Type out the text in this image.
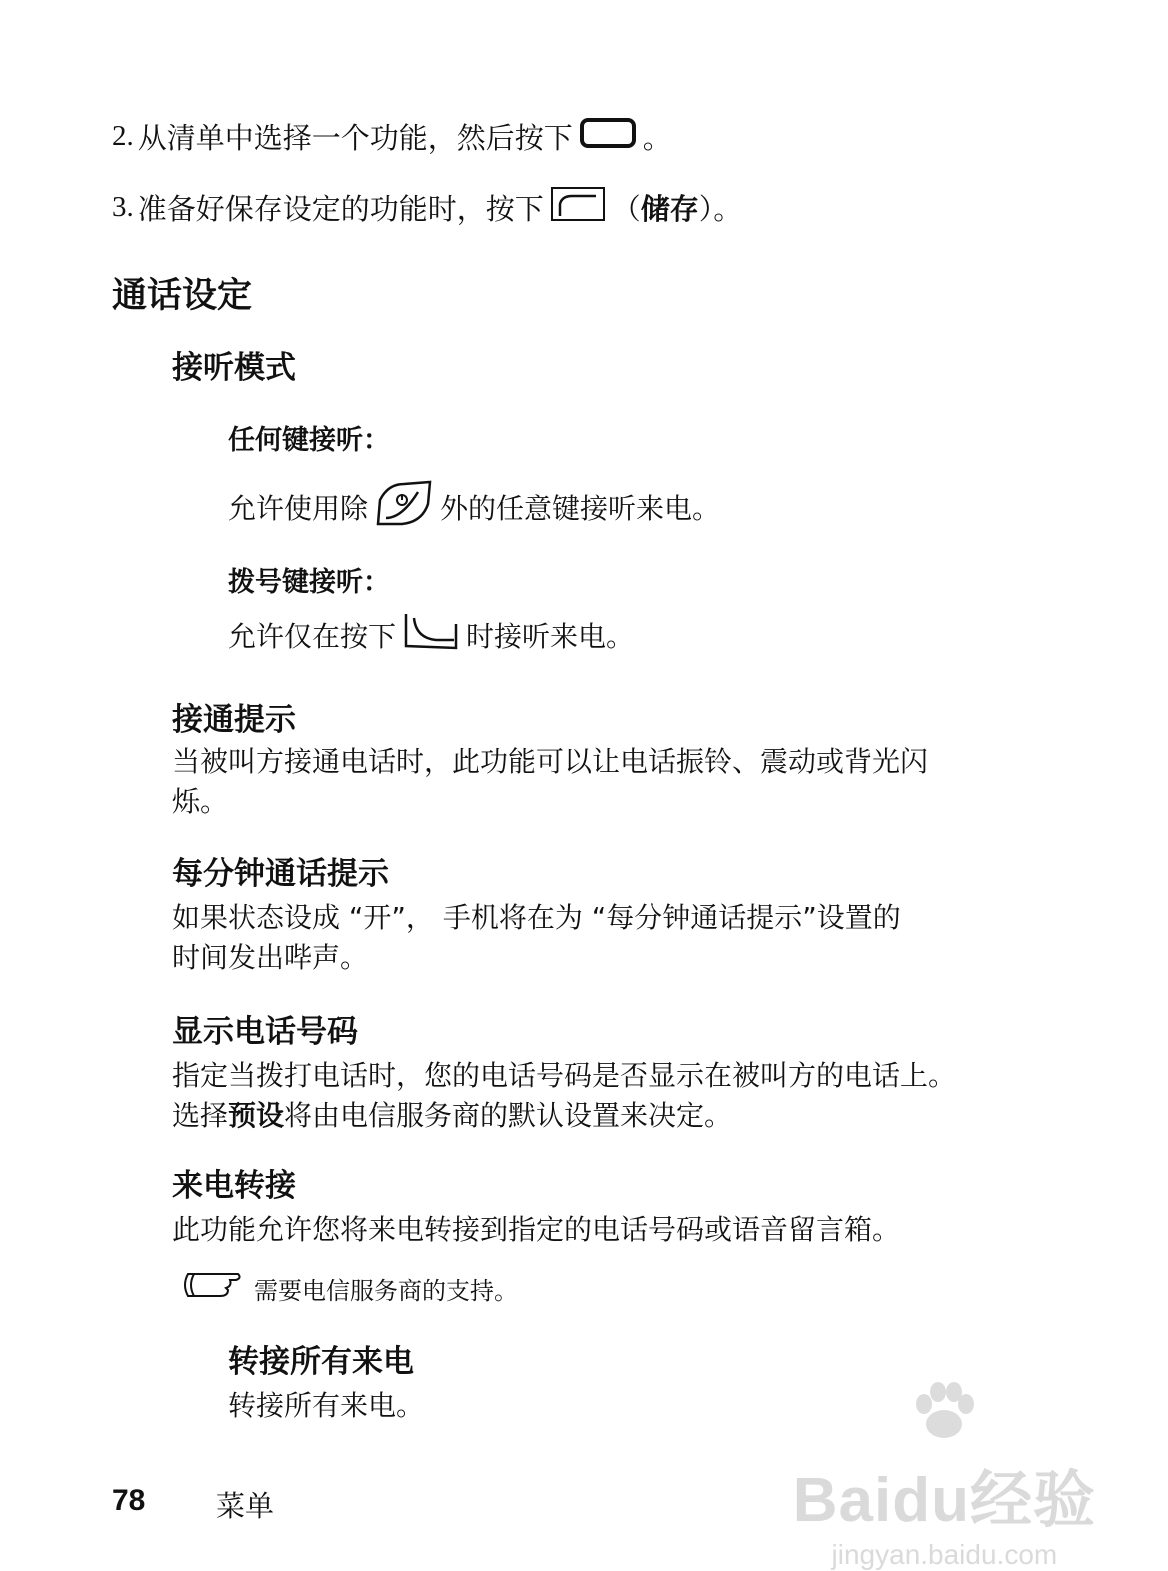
2. 从清单中选择一个功能，然后按下 。
3. 准备好保存设定的功能时，按下 （ 储存 ）。
通话设定
接听模式
任何键接听：
允许使用除	外的任意键接听来电。
拨号键接听：
允许仅在按下	时接听来电。
接通提示
当被叫方接通电话时，此功能可以让电话振铃、震动或背光闪
烁。
每分钟通话提示
如果状态设成 “开”， 手机将在为 “每分钟通话提示”设置的
时间发出哔声。
显示电话号码
指定当拨打电话时，您的电话号码是否显示在被叫方的电话上。
选择预设将由电信服务商的默认设置来决定。
来电转接
此功能允许您将来电转接到指定的电话号码或语音留言箱。
需要电信服务商的支持。
转接所有来电
转接所有来电。
78 菜单	Baidu经验
jingyan.baidu.com
